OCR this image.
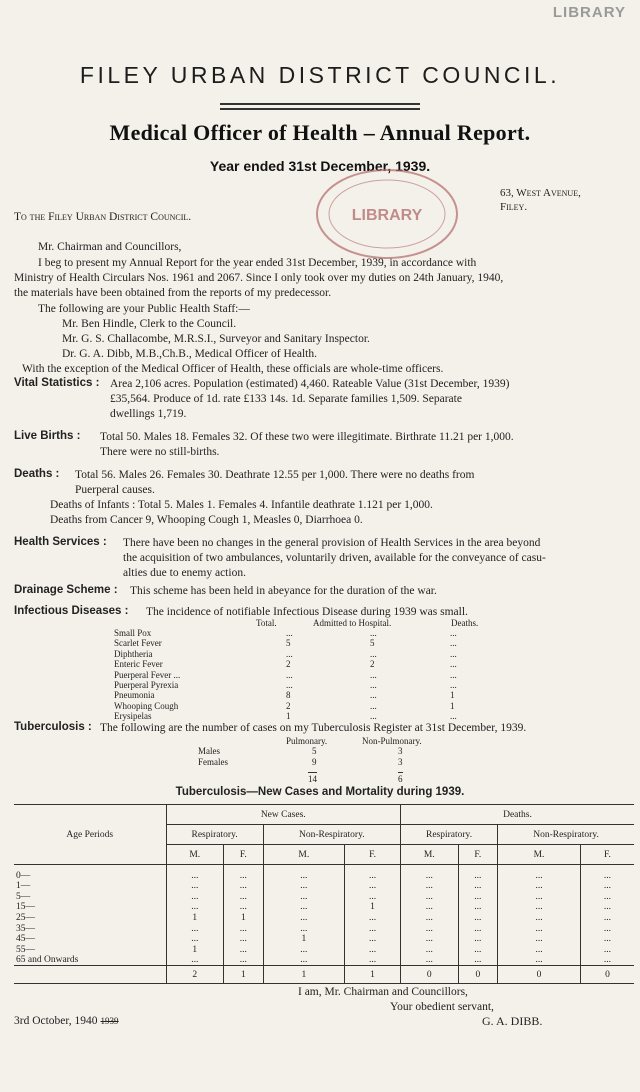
LIBRARY
FILEY URBAN DISTRICT COUNCIL.
Medical Officer of Health – Annual Report.
Year ended 31st December, 1939.
LIBRARY
63, West Avenue,
Filey.
To the Filey Urban District Council.
Mr. Chairman and Councillors,
I beg to present my Annual Report for the year ended 31st December, 1939, in accordance with
Ministry of Health Circulars Nos. 1961 and 2067. Since I only took over my duties on 24th January, 1940,
the materials have been obtained from the reports of my predecessor.
The following are your Public Health Staff:—
Mr. Ben Hindle, Clerk to the Council.
Mr. G. S. Challacombe, M.R.S.I., Surveyor and Sanitary Inspector.
Dr. G. A. Dibb, M.B.,Ch.B., Medical Officer of Health.
With the exception of the Medical Officer of Health, these officials are whole-time officers.
Vital Statistics : Area 2,106 acres. Population (estimated) 4,460. Rateable Value (31st December, 1939)
£35,564. Produce of 1d. rate £133 14s. 1d. Separate families 1,509. Separate
dwellings 1,719.
Live Births : Total 50. Males 18. Females 32. Of these two were illegitimate. Birthrate 11.21 per 1,000.
There were no still-births.
Deaths : Total 56. Males 26. Females 30. Deathrate 12.55 per 1,000. There were no deaths from
Puerperal causes.
Deaths of Infants : Total 5. Males 1. Females 4. Infantile deathrate 1.121 per 1,000.
Deaths from Cancer 9, Whooping Cough 1, Measles 0, Diarrhoea 0.
Health Services : There have been no changes in the general provision of Health Services in the area beyond
the acquisition of two ambulances, voluntarily driven, available for the conveyance of casu-
alties due to enemy action.
Drainage Scheme : This scheme has been held in abeyance for the duration of the war.
Infectious Diseases : The incidence of notifiable Infectious Disease during 1939 was small.
Total.	Admitted to Hospital.	Deaths.
Small Pox	...	...	...
Scarlet Fever	5	5	...
Diphtheria	...	...	...
Enteric Fever	2	2	...
Puerperal Fever ...	...	...	...
Puerperal Pyrexia	...	...	...
Pneumonia	8	...	1
Whooping Cough	2	...	1
Erysipelas	1	...	...
Tuberculosis : The following are the number of cases on my Tuberculosis Register at 31st December, 1939.
Pulmonary.	Non-Pulmonary.
Males	5	3
Females	9	3
14	6
Tuberculosis—New Cases and Mortality during 1939.
Age Periods	New Cases.				Deaths.			
	Respiratory.		Non-Respiratory.		Respiratory.		Non-Respiratory.	
	M.	F.	M.	F.	M.	F.	M.	F.
0—	...	...	...	...	...	...	...	...
1—	...	...	...	...	...	...	...	...
5—	...	...	...	...	...	...	...	...
15—	...	...	...	1	...	...	...	...
25—	1	1	...	...	...	...	...	...
35—	...	...	...	...	...	...	...	...
45—	...	...	1	...	...	...	...	...
55—	1	...	...	...	...	...	...	...
65 and Onwards	...	...	...	...	...	...	...	...
	2	1	1	1	0	0	0	0
I am, Mr. Chairman and Councillors,
Your obedient servant,
G. A. DIBB.
3rd October, 1940 1939
